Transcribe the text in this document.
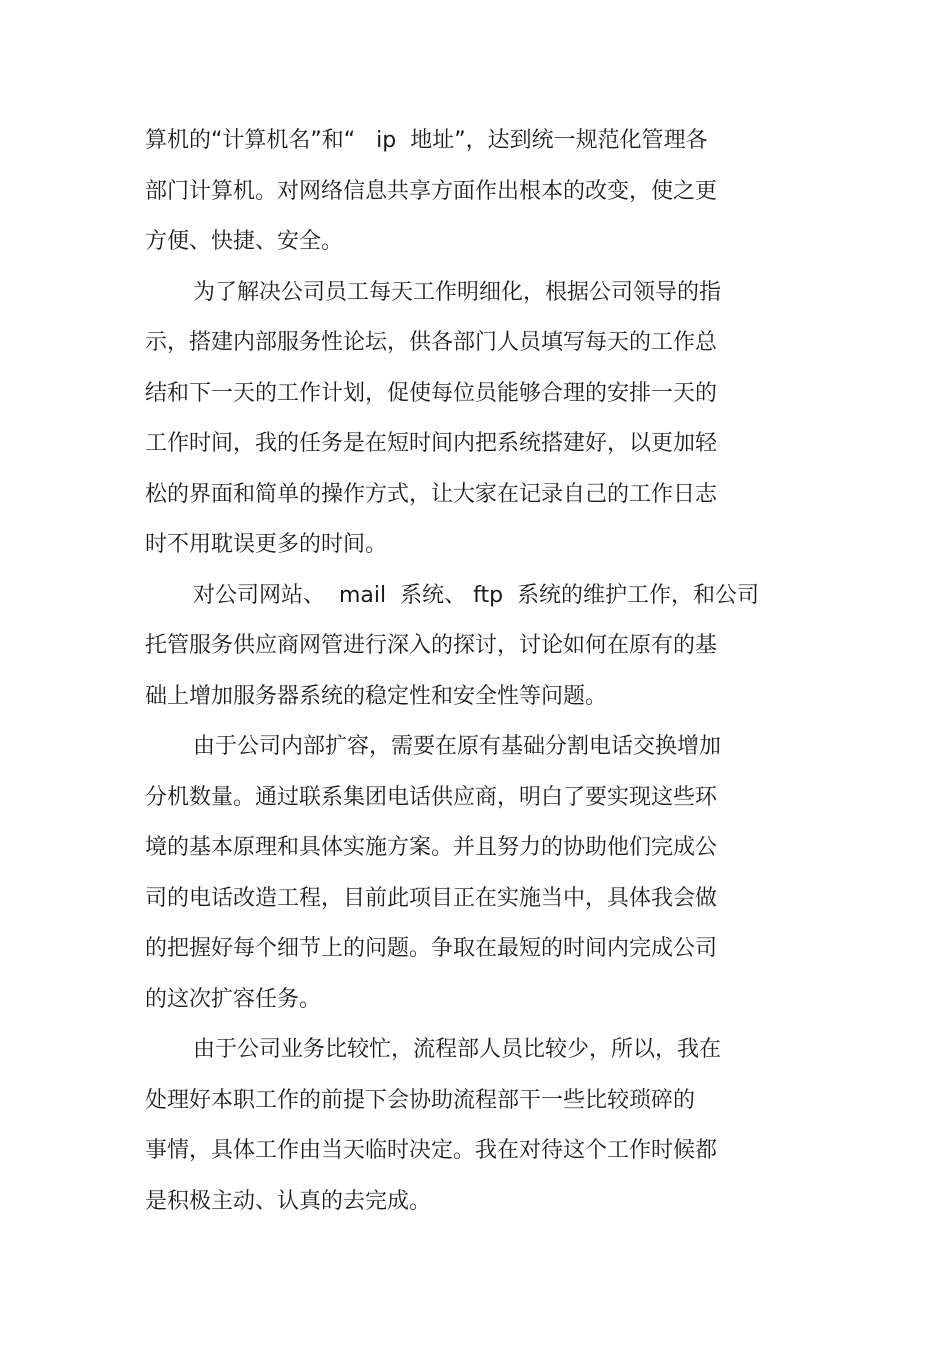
算机的“计算机名”和“   ip  地址”，达到统一规范化管理各
部门计算机。对网络信息共享方面作出根本的改变，使之更
方便、快捷、安全。
为了解决公司员工每天工作明细化，根据公司领导的指
示，搭建内部服务性论坛，供各部门人员填写每天的工作总
结和下一天的工作计划，促使每位员能够合理的安排一天的
工作时间，我的任务是在短时间内把系统搭建好，以更加轻
松的界面和简单的操作方式，让大家在记录自己的工作日志
时不用耽误更多的时间。
对公司网站、  mail  系统、 ftp  系统的维护工作，和公司
托管服务供应商网管进行深入的探讨，讨论如何在原有的基
础上增加服务器系统的稳定性和安全性等问题。
由于公司内部扩容，需要在原有基础分割电话交换增加
分机数量。通过联系集团电话供应商，明白了要实现这些环
境的基本原理和具体实施方案。并且努力的协助他们完成公
司的电话改造工程，目前此项目正在实施当中，具体我会做
的把握好每个细节上的问题。争取在最短的时间内完成公司
的这次扩容任务。
由于公司业务比较忙，流程部人员比较少，所以，我在
处理好本职工作的前提下会协助流程部干一些比较琐碎的
事情，具体工作由当天临时决定。我在对待这个工作时候都
是积极主动、认真的去完成。
